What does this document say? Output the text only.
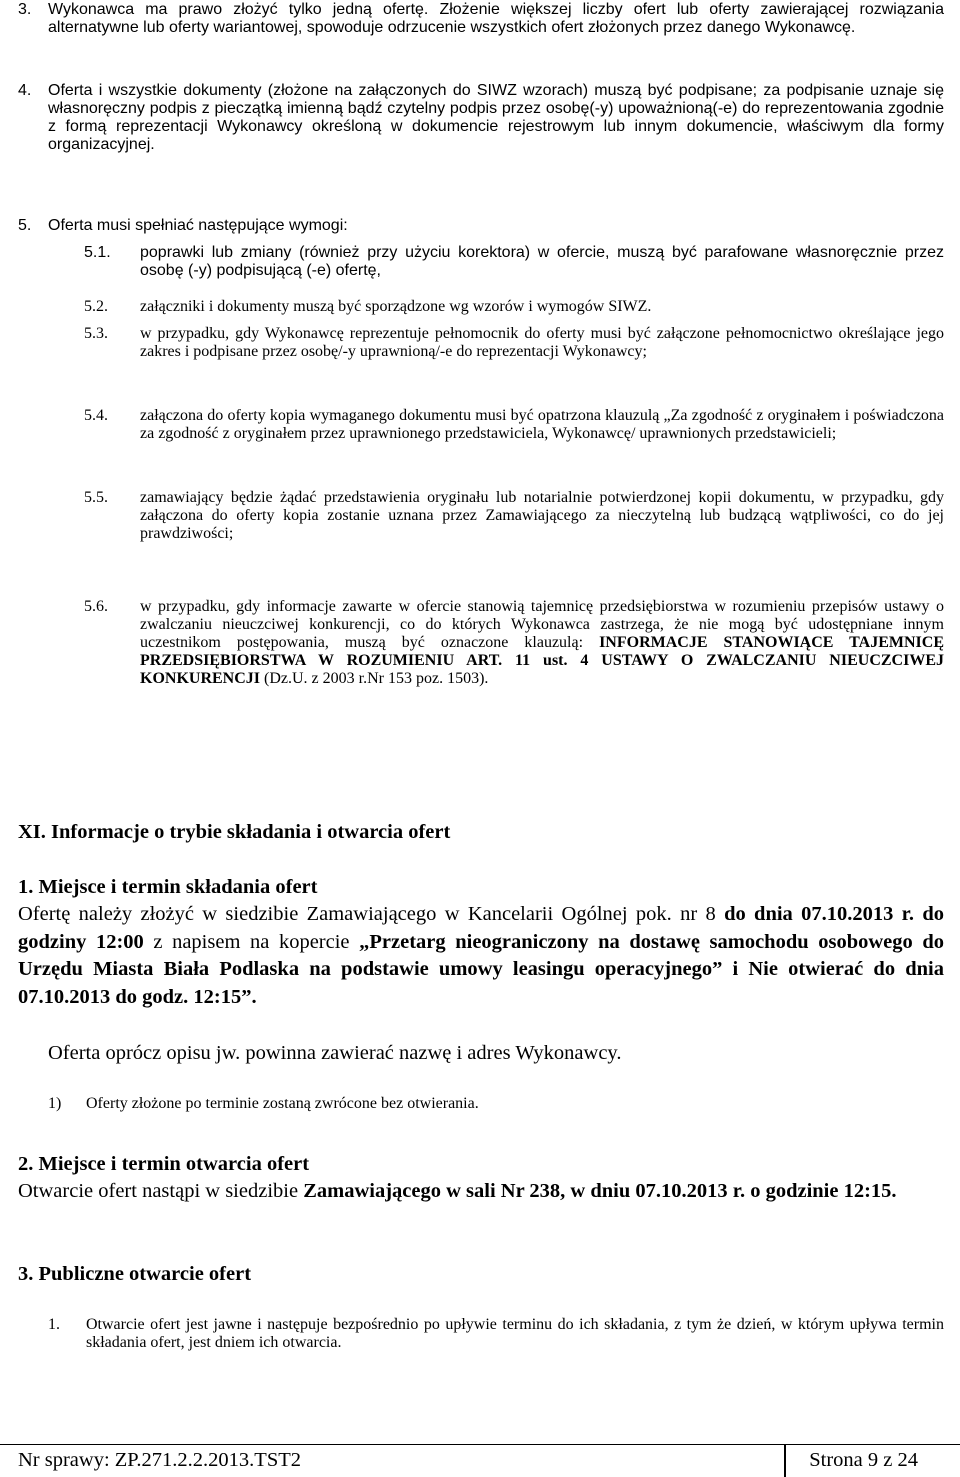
3. Wykonawca ma prawo złożyć tylko jedną ofertę. Złożenie większej liczby ofert lub oferty zawierającej rozwiązania alternatywne lub oferty wariantowej, spowoduje odrzucenie wszystkich ofert złożonych przez danego Wykonawcę.

4. Oferta i wszystkie dokumenty (złożone na załączonych do SIWZ wzorach) muszą być podpisane; za podpisanie uznaje się własnoręczny podpis z pieczątką imienną bądź czytelny podpis przez osobę(-y) upoważnioną(-e) do reprezentowania zgodnie z formą reprezentacji Wykonawcy określoną w dokumencie rejestrowym lub innym dokumencie, właściwym dla formy organizacyjnej.

5. Oferta musi spełniać następujące wymogi:

5.1. poprawki lub zmiany (również przy użyciu korektora) w ofercie, muszą być parafowane własnoręcznie przez osobę (-y) podpisującą (-e) ofertę,

5.2. załączniki i dokumenty muszą być sporządzone wg wzorów i wymogów SIWZ.

5.3. w przypadku, gdy Wykonawcę reprezentuje pełnomocnik do oferty musi być załączone pełnomocnictwo określające jego zakres i podpisane przez osobę/-y uprawnioną/-e do reprezentacji Wykonawcy;

5.4. załączona do oferty kopia wymaganego dokumentu musi być opatrzona klauzulą „Za zgodność z oryginałem i poświadczona za zgodność z oryginałem przez uprawnionego przedstawiciela, Wykonawcę/ uprawnionych przedstawicieli;

5.5. zamawiający będzie żądać przedstawienia oryginału lub notarialnie potwierdzonej kopii dokumentu, w przypadku, gdy załączona do oferty kopia zostanie uznana przez Zamawiającego za nieczytelną lub budzącą wątpliwości, co do jej prawdziwości;

5.6. w przypadku, gdy informacje zawarte w ofercie stanowią tajemnicę przedsiębiorstwa w rozumieniu przepisów ustawy o zwalczaniu nieuczciwej konkurencji, co do których Wykonawca zastrzega, że nie mogą być udostępniane innym uczestnikom postępowania, muszą być oznaczone klauzulą: INFORMACJE STANOWIĄCE TAJEMNICĘ PRZEDSIĘBIORSTWA W ROZUMIENIU ART. 11 ust. 4 USTAWY O ZWALCZANIU NIEUCZCIWEJ KONKURENCJI (Dz.U. z 2003 r.Nr 153 poz. 1503).

XI. Informacje o trybie składania i otwarcia ofert

1. Miejsce i termin składania ofert

Ofertę należy złożyć w siedzibie Zamawiającego w Kancelarii Ogólnej pok. nr 8 do dnia 07.10.2013 r. do godziny 12:00 z napisem na kopercie „Przetarg nieograniczony na dostawę samochodu osobowego do Urzędu Miasta Biała Podlaska na podstawie umowy leasingu operacyjnego” i Nie otwierać do dnia 07.10.2013 do godz. 12:15”.

Oferta oprócz opisu jw. powinna zawierać nazwę i adres Wykonawcy.

1) Oferty złożone po terminie zostaną zwrócone bez otwierania.

2. Miejsce i termin otwarcia ofert

Otwarcie ofert nastąpi w siedzibie Zamawiającego w sali Nr 238, w dniu 07.10.2013 r. o godzinie 12:15.

3. Publiczne otwarcie ofert

1. Otwarcie ofert jest jawne i następuje bezpośrednio po upływie terminu do ich składania, z tym że dzień, w którym upływa termin składania ofert, jest dniem ich otwarcia.

Nr sprawy: ZP.271.2.2.2013.TST2	Strona 9 z 24
